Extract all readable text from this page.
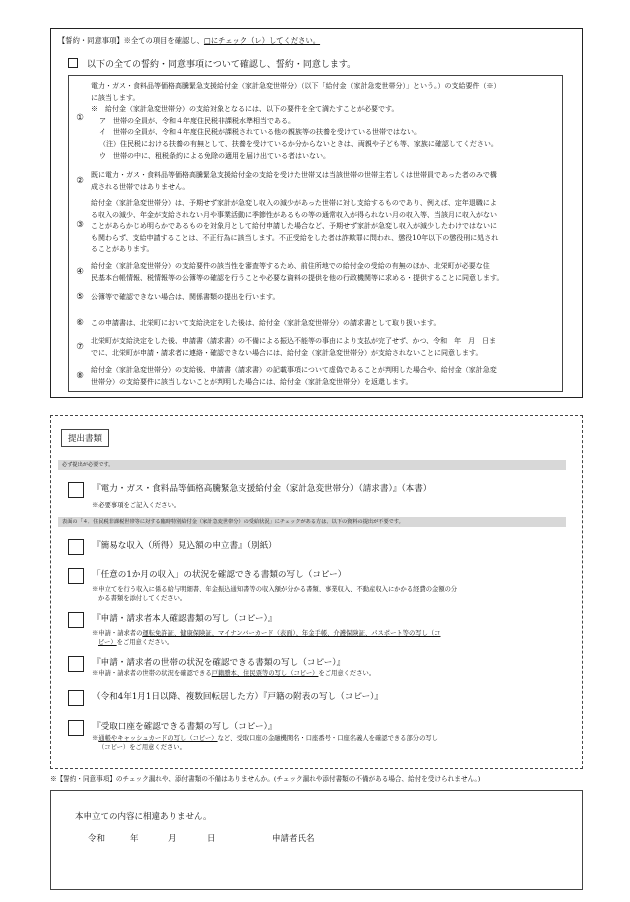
【誓約・同意事項】※全ての項目を確認し、□にチェック（レ）してください。
以下の全ての誓約・同意事項について確認し、誓約・同意します。
①
電力・ガス・食料品等価格高騰緊急支援給付金（家計急変世帯分）（以下「給付金（家計急変世帯分）」という。）の支給要件（※）
に該当します。
※　給付金（家計急変世帯分）の支給対象となるには、以下の要件を全て満たすことが必要です。
ア　世帯の全員が、令和４年度住民税非課税水準相当である。
イ　世帯の全員が、令和４年度住民税が課税されている他の親族等の扶養を受けている世帯ではない。
（注）住民税における扶養の有無として、扶養を受けているか分からないときは、両親や子ども等、家族に確認してください。
ウ　世帯の中に、租税条約による免除の適用を届け出ている者はいない。
②
既に電力・ガス・食料品等価格高騰緊急支援給付金の支給を受けた世帯又は当該世帯の世帯主若しくは世帯員であった者のみで構
成される世帯ではありません。
③
給付金（家計急変世帯分）は、予期せず家計が急変し収入の減少があった世帯に対し支給するものであり、例えば、定年退職によ
る収入の減少、年金が支給されない月や事業活動に季節性があるもの等の通常収入が得られない月の収入等、当該月に収入がない
ことがあらかじめ明らかであるものを対象月として給付申請した場合など、予期せず家計が急変し収入が減少したわけではないに
も関わらず、支給申請することは、不正行為に該当します。不正受給をした者は詐欺罪に問われ、懲役10年以下の懲役刑に処され
ることがあります。
④
給付金（家計急変世帯分）の支給要件の該当性を審査等するため、前住所地での給付金の受給の有無のほか、北栄町が必要な住
民基本台帳情報、税情報等の公簿等の確認を行うことや必要な資料の提供を他の行政機関等に求める・提供することに同意します。
⑤	公簿等で確認できない場合は、関係書類の提出を行います。
⑥	この申請書は、北栄町において支給決定をした後は、給付金（家計急変世帯分）の請求書として取り扱います。
⑦
北栄町が支給決定をした後、申請書（請求書）の不備による振込不能等の事由により支払が完了せず、かつ、令和　年　月　日ま
でに、北栄町が申請・請求者に連絡・確認できない場合には、給付金（家計急変世帯分）が支給されないことに同意します。
⑧
給付金（家計急変世帯分）の支給後、申請書（請求書）の記載事項について虚偽であることが判明した場合や、給付金（家計急変
世帯分）の支給要件に該当しないことが判明した場合には、給付金（家計急変世帯分）を返還します。
提出書類
必ず提出が必要です。
『電力・ガス・食料品等価格高騰緊急支援給付金（家計急変世帯分）（請求書）』（本書）
※必要事項をご記入ください。
表面の「４．住民税非課税世帯等に対する臨時特別給付金（家計急変世帯分）の受給状況」にチェックがある方は、以下の資料の提出が不要です。
『簡易な収入（所得）見込額の申立書』（別紙）
「任意の1か月の収入」の状況を確認できる書類の写し（コピー）
※申立てを行う収入に係る給与明細書、年金振込通知書等の収入額が分かる書類、事業収入、不動産収入にかかる経費の金額の分
かる書類を添付してください。
『申請・請求者本人確認書類の写し（コピー）』
※申請・請求者の運転免許証、健康保険証、マイナンバーカード（表面）、年金手帳、介護保険証、パスポート等の写し（コ
ピー）をご用意ください。
『申請・請求者の世帯の状況を確認できる書類の写し（コピー）』
※申請・請求者の世帯の状況を確認できる戸籍謄本、住民票等の写し（コピー）をご用意ください。
（令和4年1月1日以降、複数回転居した方）『戸籍の附表の写し（コピー）』
『受取口座を確認できる書類の写し（コピー）』
※通帳やキャッシュカードの写し（コピー）など、受取口座の金融機関名・口座番号・口座名義人を確認できる部分の写し
（コピー）をご用意ください。
※【誓約・同意事項】のチェック漏れや、添付書類の不備はありませんか。(チェック漏れや添付書類の不備がある場合、給付を受けられません。)
本申立ての内容に相違ありません。
令和	年	月	日	申請者氏名
